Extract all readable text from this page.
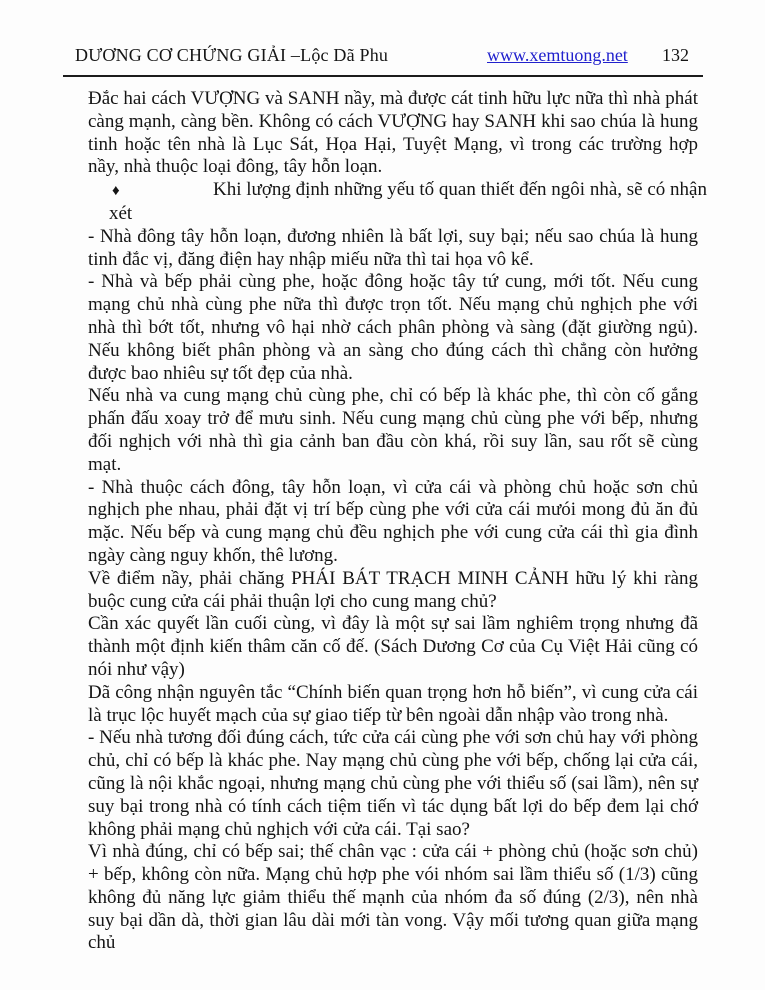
DƯƠNG CƠ CHỨNG GIẢI –Lộc Dã Phu	www.xemtuong.net 132

Đắc hai cách VƯỢNG và SANH nầy, mà được cát tinh hữu lực nữa thì nhà phát càng mạnh, càng bền. Không có cách VƯỢNG hay SANH khi sao chúa là hung tinh hoặc tên nhà là Lục Sát, Họa Hại, Tuyệt Mạng, vì trong các trường hợp nầy, nhà thuộc loại đông, tây hỗn loạn.

♦	Khi lượng định những yếu tố quan thiết đến ngôi nhà, sẽ có nhận
xét

- Nhà đông tây hỗn loạn, đương nhiên là bất lợi, suy bại; nếu sao chúa là hung tinh đắc vị, đăng điện hay nhập miếu nữa thì tai họa vô kể.

- Nhà và bếp phải cùng phe, hoặc đông hoặc tây tứ cung, mới tốt. Nếu cung mạng chủ nhà cùng phe nữa thì được trọn tốt. Nếu mạng chủ nghịch phe với nhà thì bớt tốt, nhưng vô hại nhờ cách phân phòng và sàng (đặt giường ngủ). Nếu không biết phân phòng và an sàng cho đúng cách thì chẳng còn hưởng được bao nhiêu sự tốt đẹp của nhà.

Nếu nhà va cung mạng chủ cùng phe, chỉ có bếp là khác phe, thì còn cố gắng phấn đấu xoay trở để mưu sinh. Nếu cung mạng chủ cùng phe với bếp, nhưng đối nghịch với nhà thì gia cảnh ban đầu còn khá, rồi suy lần, sau rốt sẽ cùng mạt.

- Nhà thuộc cách đông, tây hỗn loạn, vì cửa cái và phòng chủ hoặc sơn chủ nghịch phe nhau, phải đặt vị trí bếp cùng phe với cửa cái mưói mong đủ ăn đủ mặc. Nếu bếp và cung mạng chủ đều nghịch phe với cung cửa cái thì gia đình ngày càng nguy khốn, thê lương.

Về điểm nầy, phải chăng PHÁI BÁT TRẠCH MINH CẢNH hữu lý khi ràng buộc cung cửa cái phải thuận lợi cho cung mang chủ?

Cần xác quyết lần cuối cùng, vì đây là một sự sai lầm nghiêm trọng nhưng đã thành một định kiến thâm căn cố đế. (Sách Dương Cơ của Cụ Việt Hải cũng có nói như vậy)

Dã công nhận nguyên tắc “Chính biến quan trọng hơn hỗ biến”, vì cung cửa cái là trục lộc huyết mạch của sự giao tiếp từ bên ngoài dẫn nhập vào trong nhà.

- Nếu nhà tương đối đúng cách, tức cửa cái cùng phe với sơn chủ hay với phòng chủ, chỉ có bếp là khác phe. Nay mạng chủ cùng phe với bếp, chống lại cửa cái, cũng là nội khắc ngoại, nhưng mạng chủ cùng phe với thiểu số (sai lầm), nên sự suy bại trong nhà có tính cách tiệm tiến vì tác dụng bất lợi do bếp đem lại chớ không phải mạng chủ nghịch với cửa cái. Tại sao?

Vì nhà đúng, chỉ có bếp sai; thế chân vạc : cửa cái + phòng chủ (hoặc sơn chủ) + bếp, không còn nữa. Mạng chủ hợp phe vói nhóm sai lầm thiểu số (1/3) cũng không đủ năng lực giảm thiểu thế mạnh của nhóm đa số đúng (2/3), nên nhà suy bại dần dà, thời gian lâu dài mới tàn vong. Vậy mối tương quan giữa mạng chủ
